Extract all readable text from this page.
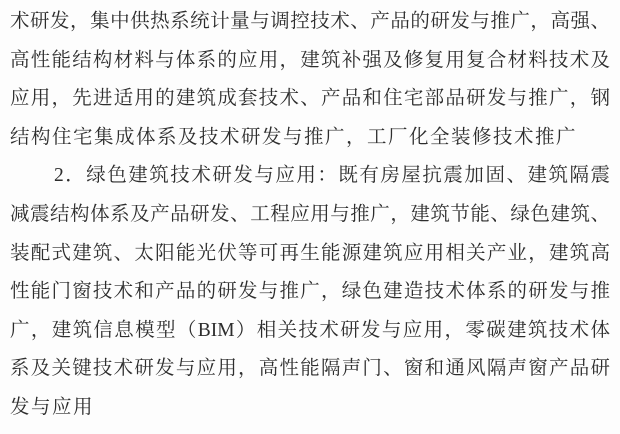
术研发，集中供热系统计量与调控技术、产品的研发与推广，高强、
高性能结构材料与体系的应用，建筑补强及修复用复合材料技术及
应用，先进适用的建筑成套技术、产品和住宅部品研发与推广，钢
结构住宅集成体系及技术研发与推广，工厂化全装修技术推广
2．绿色建筑技术研发与应用：既有房屋抗震加固、建筑隔震
减震结构体系及产品研发、工程应用与推广，建筑节能、绿色建筑、
装配式建筑、太阳能光伏等可再生能源建筑应用相关产业，建筑高
性能门窗技术和产品的研发与推广，绿色建造技术体系的研发与推
广，建筑信息模型（BIM）相关技术研发与应用，零碳建筑技术体
系及关键技术研发与应用，高性能隔声门、窗和通风隔声窗产品研
发与应用
